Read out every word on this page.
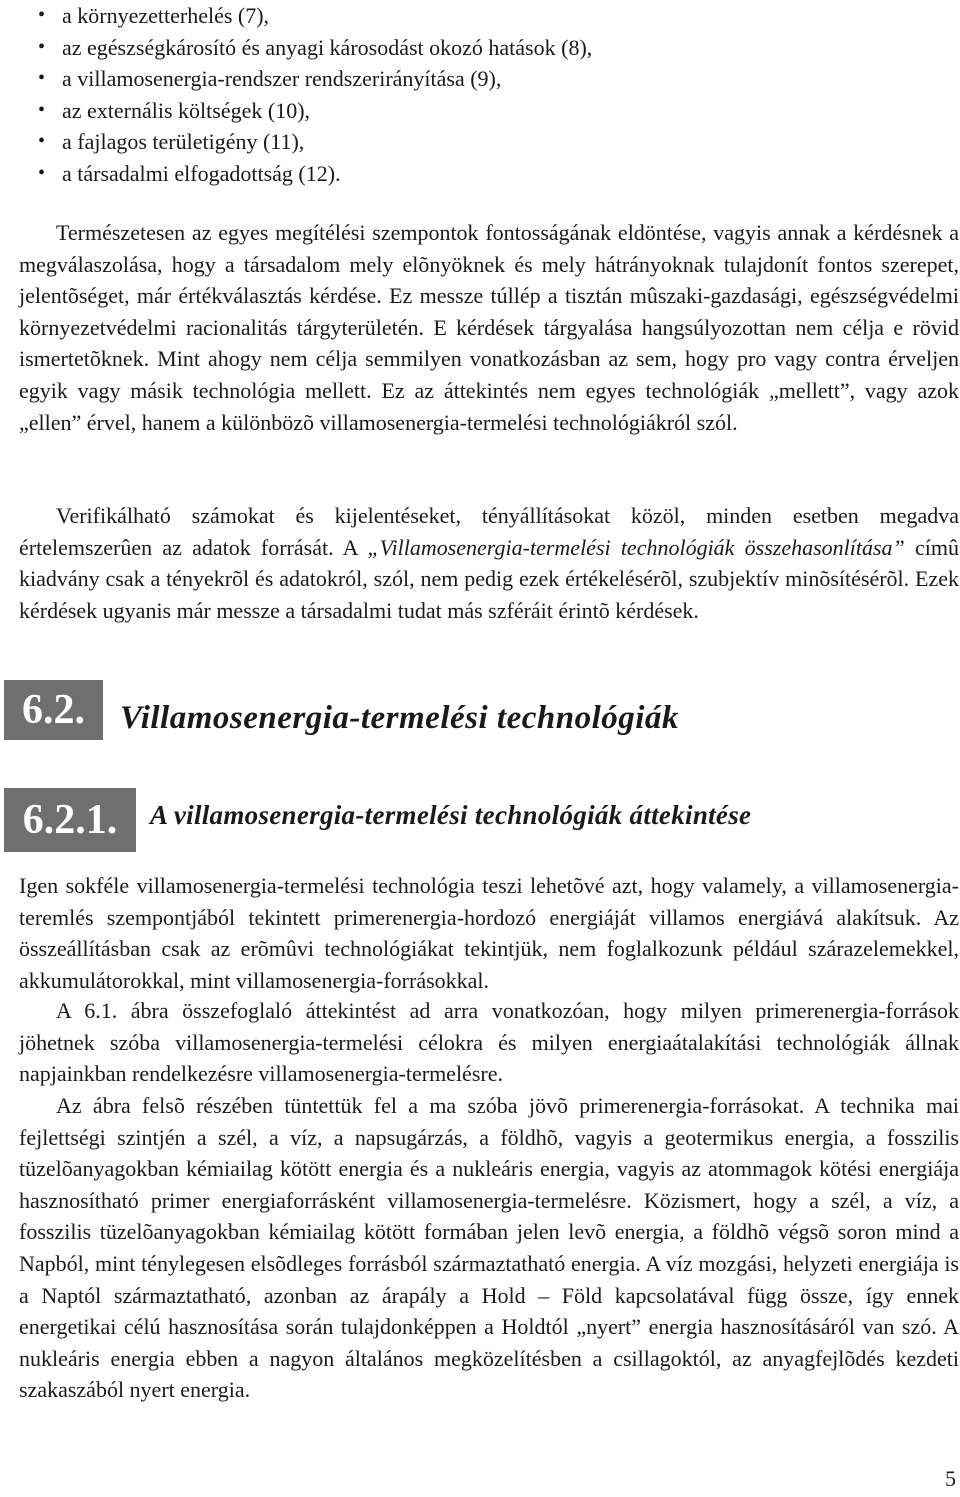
• a környezetterhelés (7),
• az egészségkárosító és anyagi károsodást okozó hatások (8),
• a villamosenergia-rendszer rendszerirányítása (9),
• az externális költségek (10),
• a fajlagos területigény (11),
• a társadalmi elfogadottság (12).

Természetesen az egyes megítélési szempontok fontosságának eldöntése, vagyis annak a kérdésnek a megválaszolása, hogy a társadalom mely elõnyöknek és mely hátrányoknak tulajdonít fontos szerepet, jelentõséget, már értékválasztás kérdése. Ez messze túllép a tisztán mûszaki-gazdasági, egészségvédelmi környezetvédelmi racionalitás tárgyterületén. E kérdések tárgyalása hangsúlyozottan nem célja e rövid ismertetõknek. Mint ahogy nem célja semmilyen vonatkozásban az sem, hogy pro vagy contra érveljen egyik vagy másik technológia mellett. Ez az áttekintés nem egyes technológiák „mellett”, vagy azok „ellen” érvel, hanem a különbözõ villamosenergia-termelési technológiákról szól.

Verifikálható számokat és kijelentéseket, tényállításokat közöl, minden esetben megadva értelemszerûen az adatok forrását. A „Villamosenergia-termelési technológiák összehasonlítása” címû kiadvány csak a tényekrõl és adatokról, szól, nem pedig ezek értékelésérõl, szubjektív minõsítésérõl. Ezek kérdések ugyanis már messze a társadalmi tudat más szféráit érintõ kérdések.

6.2.	Villamosenergia-termelési technológiák
6.2.1.	A villamosenergia-termelési technológiák áttekintése

Igen sokféle villamosenergia-termelési technológia teszi lehetõvé azt, hogy valamely, a villamosenergia-teremlés szempontjából tekintett primerenergia-hordozó energiáját villamos energiává alakítsuk. Az összeállításban csak az erõmûvi technológiákat tekintjük, nem foglalkozunk például szárazelemekkel, akkumulátorokkal, mint villamosenergia-forrásokkal.

A 6.1. ábra összefoglaló áttekintést ad arra vonatkozóan, hogy milyen primerenergia-források jöhetnek szóba villamosenergia-termelési célokra és milyen energiaátalakítási technológiák állnak napjainkban rendelkezésre villamosenergia-termelésre.

Az ábra felsõ részében tüntettük fel a ma szóba jövõ primerenergia-forrásokat. A technika mai fejlettségi szintjén a szél, a víz, a napsugárzás, a földhõ, vagyis a geotermikus energia, a fosszilis tüzelõanyagokban kémiailag kötött energia és a nukleáris energia, vagyis az atommagok kötési energiája hasznosítható primer energiaforrásként villamosenergia-termelésre. Közismert, hogy a szél, a víz, a fosszilis tüzelõanyagokban kémiailag kötött formában jelen levõ energia, a földhõ végsõ soron mind a Napból, mint ténylegesen elsõdleges forrásból származtatható energia. A víz mozgási, helyzeti energiája is a Naptól származtatható, azonban az árapály a Hold – Föld kapcsolatával függ össze, így ennek energetikai célú hasznosítása során tulajdonképpen a Holdtól „nyert” energia hasznosításáról van szó. A nukleáris energia ebben a nagyon általános megközelítésben a csillagoktól, az anyagfejlõdés kezdeti szakaszából nyert energia.

5
